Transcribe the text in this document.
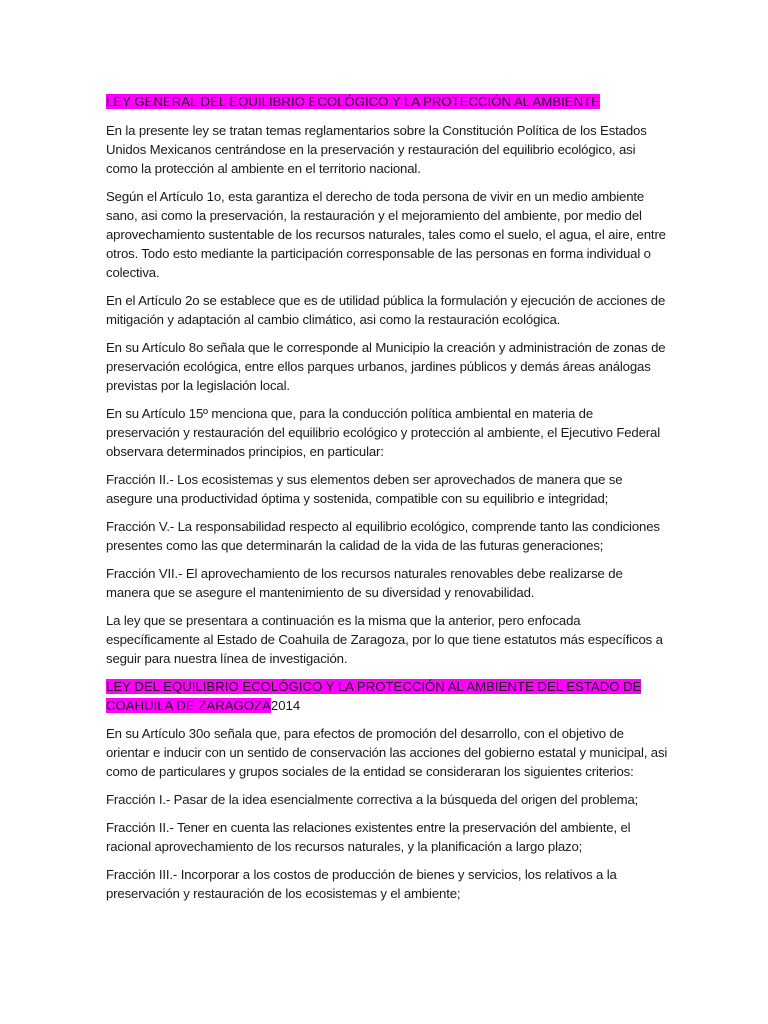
LEY GENERAL DEL EQUILIBRIO ECOLÓGICO Y LA PROTECCIÓN AL AMBIENTE

En la presente ley se tratan temas reglamentarios sobre la Constitución Política de los Estados Unidos Mexicanos centrándose en la preservación y restauración del equilibrio ecológico, asi como la protección al ambiente en el territorio nacional.

Según el Artículo 1o, esta garantiza el derecho de toda persona de vivir en un medio ambiente sano, asi como la preservación, la restauración y el mejoramiento del ambiente, por medio del aprovechamiento sustentable de los recursos naturales, tales como el suelo, el agua, el aire, entre otros. Todo esto mediante la participación corresponsable de las personas en forma individual o colectiva.

En el Artículo 2o se establece que es de utilidad pública la formulación y ejecución de acciones de mitigación y adaptación al cambio climático, asi como la restauración ecológica.

En su Artículo 8o señala que le corresponde al Municipio la creación y administración de zonas de preservación ecológica, entre ellos parques urbanos, jardines públicos y demás áreas análogas previstas por la legislación local.

En su Artículo 15º menciona que, para la conducción política ambiental en materia de preservación y restauración del equilibrio ecológico y protección al ambiente, el Ejecutivo Federal observara determinados principios, en particular:

Fracción II.- Los ecosistemas y sus elementos deben ser aprovechados de manera que se asegure una productividad óptima y sostenida, compatible con su equilibrio e integridad;

Fracción V.- La responsabilidad respecto al equilibrio ecológico, comprende tanto las condiciones presentes como las que determinarán la calidad de la vida de las futuras generaciones;

Fracción VII.- El aprovechamiento de los recursos naturales renovables debe realizarse de manera que se asegure el mantenimiento de su diversidad y renovabilidad.

La ley que se presentara a continuación es la misma que la anterior, pero enfocada específicamente al Estado de Coahuila de Zaragoza, por lo que tiene estatutos más específicos a seguir para nuestra línea de investigación.

LEY DEL EQUILIBRIO ECOLÓGICO Y LA PROTECCIÓN AL AMBIENTE DEL ESTADO DE COAHUILA DE ZARAGOZA2014

En su Artículo 30o señala que, para efectos de promoción del desarrollo, con el objetivo de orientar e inducir con un sentido de conservación las acciones del gobierno estatal y municipal, asi como de particulares y grupos sociales de la entidad se consideraran los siguientes criterios:

Fracción I.- Pasar de la idea esencialmente correctiva a la búsqueda del origen del problema;

Fracción II.- Tener en cuenta las relaciones existentes entre la preservación del ambiente, el racional aprovechamiento de los recursos naturales, y la planificación a largo plazo;

Fracción III.- Incorporar a los costos de producción de bienes y servicios, los relativos a la preservación y restauración de los ecosistemas y el ambiente;
